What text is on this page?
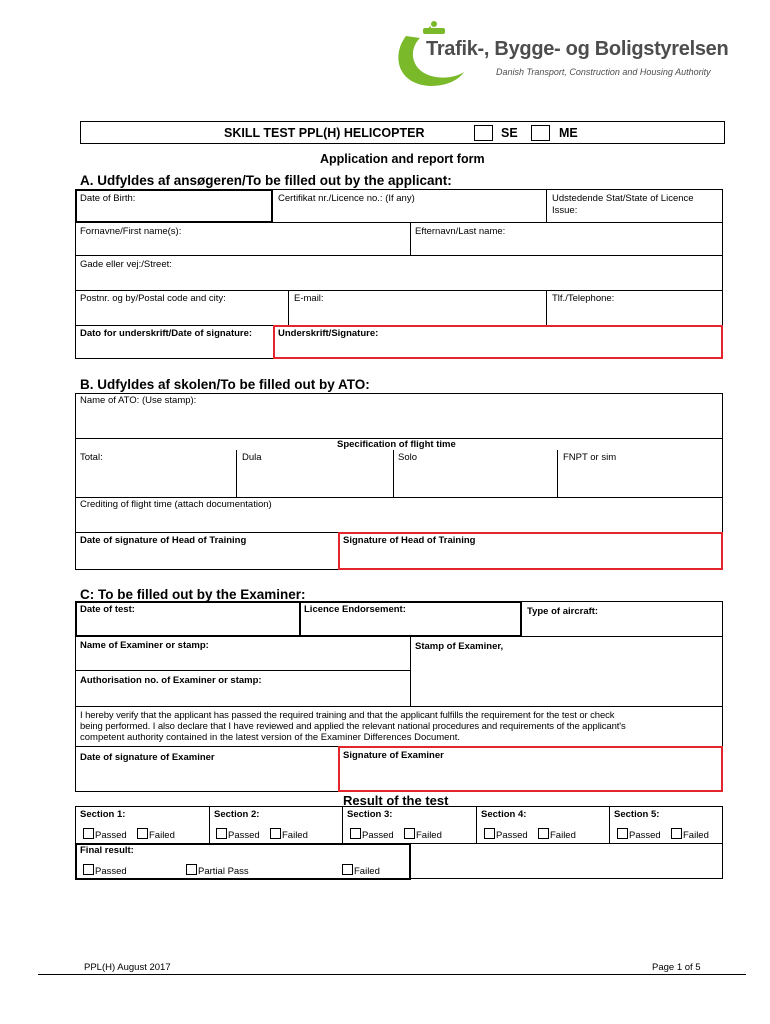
Trafik-, Bygge- og Boligstyrelsen
Danish Transport, Construction and Housing Authority
SKILL TEST PPL(H) HELICOPTER	SE	ME
Application and report form
A. Udfyldes af ansøgeren/To be filled out by the applicant:
Date of Birth:	Certifikat nr./Licence no.: (If any)	Udstedende Stat/State of Licence
Issue:
Fornavne/First name(s):	Efternavn/Last name:
Gade eller vej:/Street:
Postnr. og by/Postal code and city:	E-mail:	Tlf./Telephone:
Dato for underskrift/Date of signature:	Underskrift/Signature:
B. Udfyldes af skolen/To be filled out by ATO:
Name of ATO: (Use stamp):
Specification of flight time
Total:	Dula	Solo	FNPT or sim
Crediting of flight time (attach documentation)
Date of signature of Head of Training	Signature of Head of Training
C: To be filled out by the Examiner:
Date of test:	Licence Endorsement:	Type of aircraft:
Name of Examiner or stamp:	Stamp of Examiner,
Authorisation no. of Examiner or stamp:
I hereby verify that the applicant has passed the required training and that the applicant fulfills the requirement for the test or check
being performed. I also declare that I have reviewed and applied the relevant national procedures and requirements of the applicant's
competent authority contained in the latest version of the Examiner Differences Document.
Date of signature of Examiner	Signature of Examiner
Result of the test
Section 1:	Section 2:	Section 3:	Section 4:	Section 5:
Passed Failed	Passed Failed	Passed Failed	Passed Failed	Passed Failed
Final result:
Passed	Partial Pass	Failed
PPL(H) August 2017	Page 1 of 5
